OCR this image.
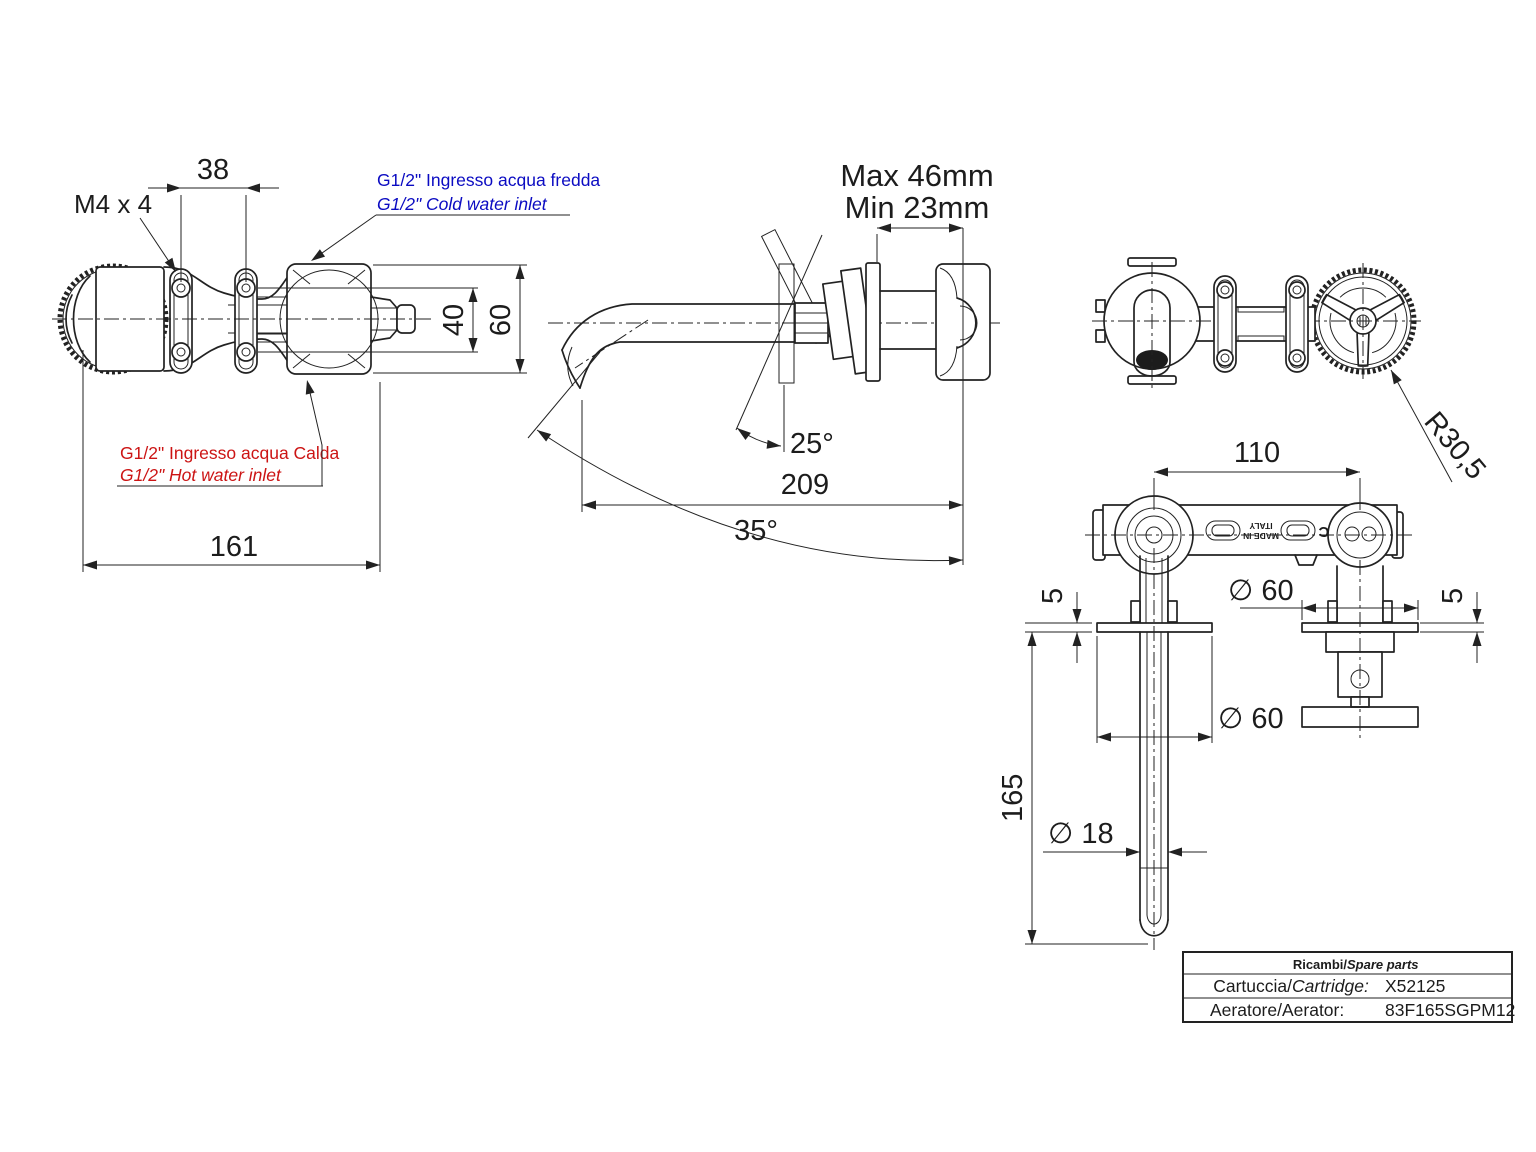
38
M4 x 4
G1/2" Ingresso acqua fredda
G1/2" Cold water inlet
G1/2" Ingresso acqua Calda
G1/2" Hot water inlet
40 60
161
Max 46mm
Min 23mm
25°
209
35°
R30,5
MADE IN
ITALY	C
110
∅ 60	5
5
165
∅ 60
∅ 18
Ricambi/ Spare parts
Cartuccia/ Cartridge: X52125
Aeratore/Aerator: 83F165SGPM12
